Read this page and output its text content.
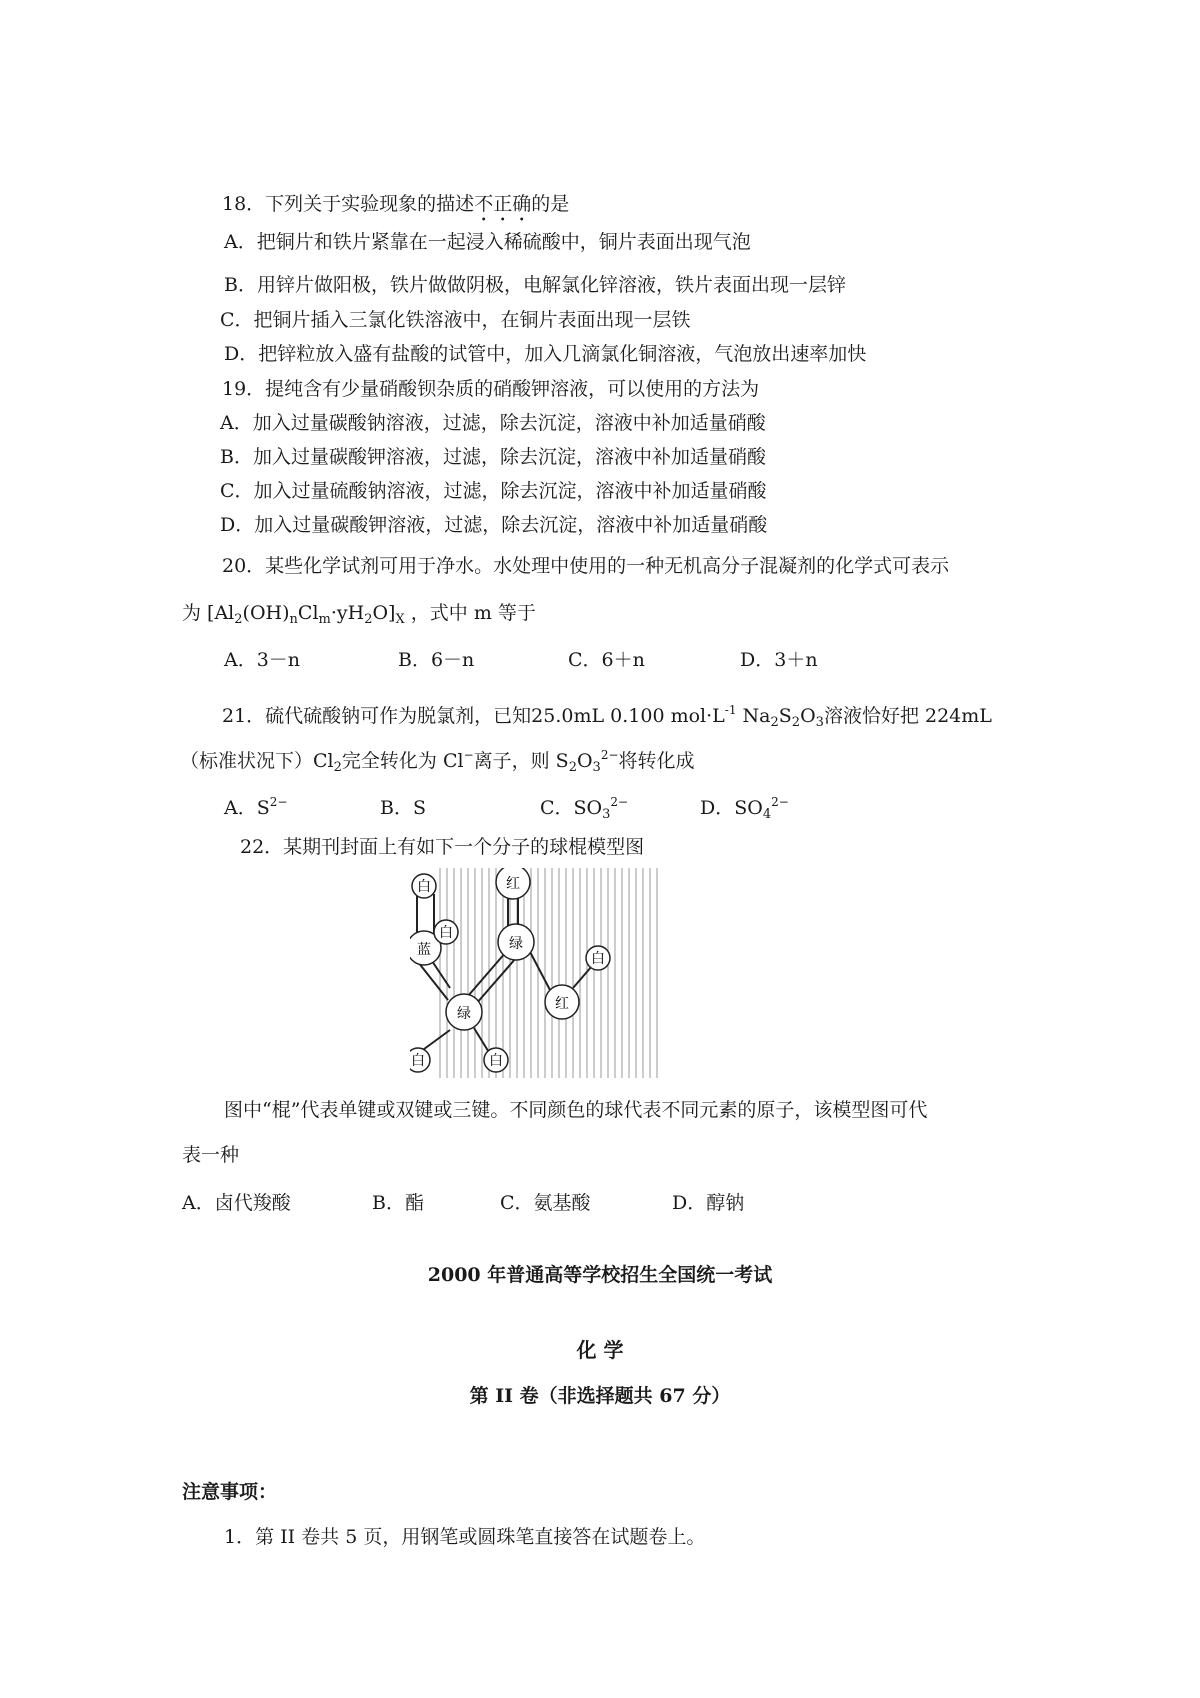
18．下列关于实验现象的描述不正确的是
A．把铜片和铁片紧靠在一起浸入稀硫酸中，铜片表面出现气泡
B．用锌片做阳极，铁片做做阴极，电解氯化锌溶液，铁片表面出现一层锌
C．把铜片插入三氯化铁溶液中，在铜片表面出现一层铁
D．把锌粒放入盛有盐酸的试管中，加入几滴氯化铜溶液，气泡放出速率加快
19．提纯含有少量硝酸钡杂质的硝酸钾溶液，可以使用的方法为
A．加入过量碳酸钠溶液，过滤，除去沉淀，溶液中补加适量硝酸
B．加入过量碳酸钾溶液，过滤，除去沉淀，溶液中补加适量硝酸
C．加入过量硫酸钠溶液，过滤，除去沉淀，溶液中补加适量硝酸
D．加入过量碳酸钾溶液，过滤，除去沉淀，溶液中补加适量硝酸
20．某些化学试剂可用于净水。水处理中使用的一种无机高分子混凝剂的化学式可表示
为 $[Al_2(OH)_nCl_m\cdot yH_2O]_X$ ，式中 m 等于
A．3－n	B．6－n	C．6＋n	D．3＋n
21．硫代硫酸钠可作为脱氯剂，已知25.0mL 0.100 $mol\cdot L^{-1}$ $Na_2S_2O_3$溶液恰好把 224mL
（标准状况下）$Cl_2$完全转化为 Cl−离子，则 $S_2O_3^{2-}$将转化成
A．S2−	B．S	C．SO32−	D．SO42−
22．某期刊封面上有如下一个分子的球棍模型图
白
蓝
白
红
绿
绿
红
白
白	白
图中“棍”代表单键或双键或三键。不同颜色的球代表不同元素的原子，该模型图可代
表一种
A．卤代羧酸	B．酯	C．氨基酸	D．醇钠
2000 年普通高等学校招生全国统一考试
化 学
第 II 卷（非选择题共 67 分）
注意事项：
1．第 II 卷共 5 页，用钢笔或圆珠笔直接答在试题卷上。
